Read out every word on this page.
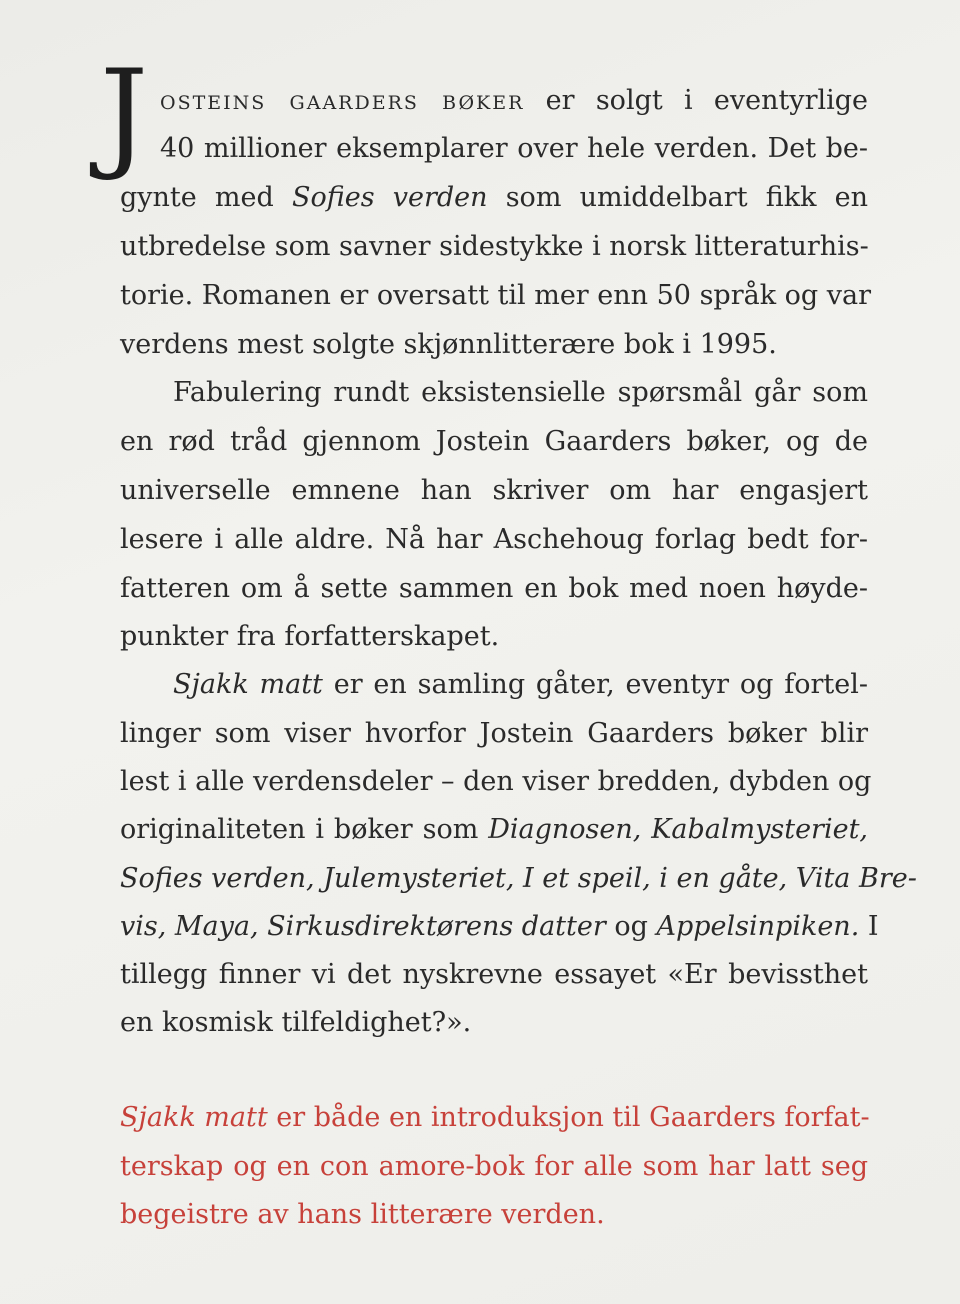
J osteins gaarders bøker er solgt i eventyrlige
40 millioner eksemplarer over hele verden. Det be-
gynte med Sofies verden som umiddelbart fikk en
utbredelse som savner sidestykke i norsk litteraturhis-
torie. Romanen er oversatt til mer enn 50 språk og var
verdens mest solgte skjønnlitterære bok i 1995.
Fabulering rundt eksistensielle spørsmål går som
en rød tråd gjennom Jostein Gaarders bøker, og de
universelle emnene han skriver om har engasjert
lesere i alle aldre. Nå har Aschehoug forlag bedt for-
fatteren om å sette sammen en bok med noen høyde-
punkter fra forfatterskapet.
Sjakk matt er en samling gåter, eventyr og fortel-
linger som viser hvorfor Jostein Gaarders bøker blir
lest i alle verdensdeler – den viser bredden, dybden og
originaliteten i bøker som Diagnosen, Kabalmysteriet,
Sofies verden, Julemysteriet, I et speil, i en gåte, Vita Bre-
vis, Maya, Sirkusdirektørens datter og Appelsinpiken. I
tillegg finner vi det nyskrevne essayet «Er bevissthet
en kosmisk tilfeldighet?».
Sjakk matt er både en introduksjon til Gaarders forfat-
terskap og en con amore-bok for alle som har latt seg
begeistre av hans litterære verden.
